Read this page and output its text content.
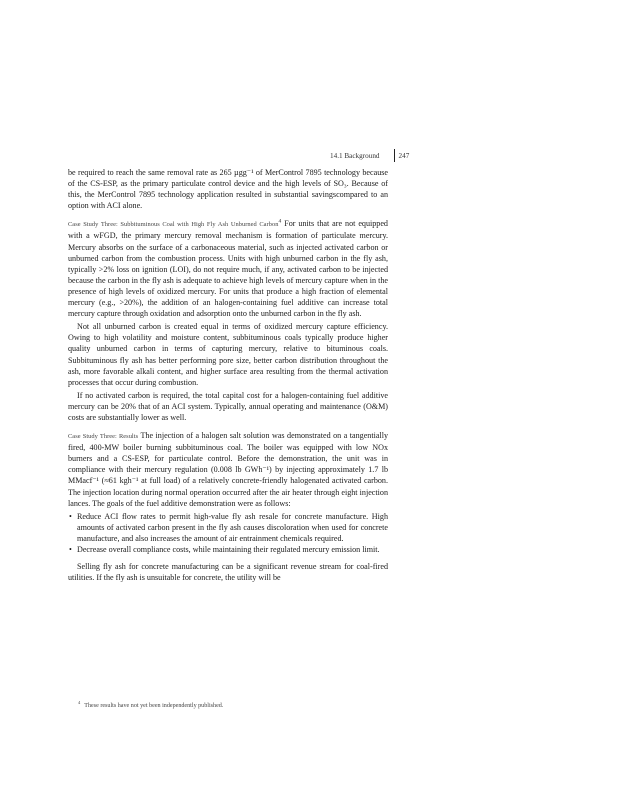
14.1 Background	247

be required to reach the same removal rate as 265 µgg⁻¹ of MerControl 7895 technology because of the CS-ESP, as the primary particulate control device and the high levels of SO₃. Because of this, the MerControl 7895 technology application resulted in substantial savingscompared to an option with ACI alone.

Case Study Three: Subbituminous Coal with High Fly Ash Unburned Carbon$^4$ For units that are not equipped with a wFGD, the primary mercury removal mechanism is formation of particulate mercury. Mercury absorbs on the surface of a carbonaceous material, such as injected activated carbon or unburned carbon from the combustion process. Units with high unburned carbon in the fly ash, typically >2% loss on ignition (LOI), do not require much, if any, activated carbon to be injected because the carbon in the fly ash is adequate to achieve high levels of mercury capture when in the presence of high levels of oxidized mercury. For units that produce a high fraction of elemental mercury (e.g., >20%), the addition of an halogen-containing fuel additive can increase total mercury capture through oxidation and adsorption onto the unburned carbon in the fly ash.

Not all unburned carbon is created equal in terms of oxidized mercury capture efficiency. Owing to high volatility and moisture content, subbituminous coals typically produce higher quality unburned carbon in terms of capturing mercury, relative to bituminous coals. Subbituminous fly ash has better performing pore size, better carbon distribution throughout the ash, more favorable alkali content, and higher surface area resulting from the thermal activation processes that occur during combustion.

If no activated carbon is required, the total capital cost for a halogen-containing fuel additive mercury can be 20% that of an ACI system. Typically, annual operating and maintenance (O&M) costs are substantially lower as well.

Case Study Three: Results The injection of a halogen salt solution was demonstrated on a tangentially fired, 400-MW boiler burning subbituminous coal. The boiler was equipped with low NOx burners and a CS-ESP, for particulate control. Before the demonstration, the unit was in compliance with their mercury regulation (0.008 lb GWh⁻¹) by injecting approximately 1.7 lb MMacf⁻¹ (≈61 kgh⁻¹ at full load) of a relatively concrete-friendly halogenated activated carbon. The injection location during normal operation occurred after the air heater through eight injection lances. The goals of the fuel additive demonstration were as follows:

• Reduce ACI flow rates to permit high-value fly ash resale for concrete manufacture. High amounts of activated carbon present in the fly ash causes discoloration when used for concrete manufacture, and also increases the amount of air entrainment chemicals required.
• Decrease overall compliance costs, while maintaining their regulated mercury emission limit.

Selling fly ash for concrete manufacturing can be a significant revenue stream for coal-fired utilities. If the fly ash is unsuitable for concrete, the utility will be

$^4$These results have not yet been independently published.
